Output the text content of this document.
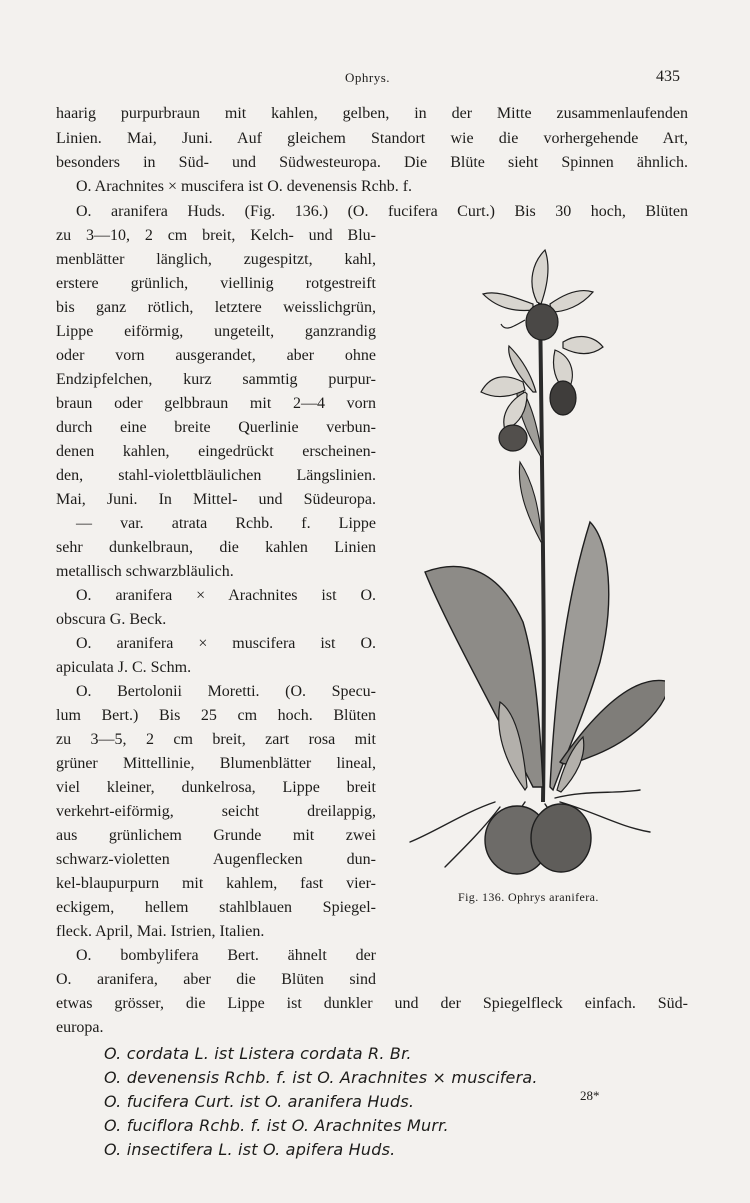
Ophrys.	435
haarig purpurbraun mit kahlen, gelben, in der Mitte zusammenlaufenden
Linien. Mai, Juni. Auf gleichem Standort wie die vorhergehende Art,
besonders in Süd- und Südwesteuropa. Die Blüte sieht Spinnen ähnlich.
O. Arachnites × muscifera ist O. devenensis Rchb. f.
O. aranifera Huds. (Fig. 136.) (O. fucifera Curt.) Bis 30 hoch, Blüten
zu 3—10, 2 cm breit, Kelch- und Blu-
menblätter länglich, zugespitzt, kahl,
erstere grünlich, viellinig rotgestreift
bis ganz rötlich, letztere weisslichgrün,
Lippe eiförmig, ungeteilt, ganzrandig
oder vorn ausgerandet, aber ohne
Endzipfelchen, kurz sammtig purpur-
braun oder gelbbraun mit 2—4 vorn
durch eine breite Querlinie verbun-
denen kahlen, eingedrückt erscheinen-
den, stahl-violettbläulichen Längslinien.
Mai, Juni. In Mittel- und Südeuropa.
— var. atrata Rchb. f. Lippe
sehr dunkelbraun, die kahlen Linien
metallisch schwarzbläulich.
O. aranifera × Arachnites ist O.
obscura G. Beck.
O. aranifera × muscifera ist O.
apiculata J. C. Schm.
O. Bertolonii Moretti. (O. Specu-
lum Bert.) Bis 25 cm hoch. Blüten
zu 3—5, 2 cm breit, zart rosa mit
grüner Mittellinie, Blumenblätter lineal,
viel kleiner, dunkelrosa, Lippe breit
verkehrt-eiförmig, seicht dreilappig,
aus grünlichem Grunde mit zwei
schwarz-violetten Augenflecken dun-
kel-blaupurpurn mit kahlem, fast vier-
eckigem, hellem stahlblauen Spiegel-
fleck. April, Mai. Istrien, Italien.
O. bombylifera Bert. ähnelt der
O. aranifera, aber die Blüten sind
etwas grösser, die Lippe ist dunkler und der Spiegelfleck einfach. Süd-
europa.
O. cordata L. ist Listera cordata R. Br.
O. devenensis Rchb. f. ist O. Arachnites × muscifera.
O. fucifera Curt. ist O. aranifera Huds.
O. fuciflora Rchb. f. ist O. Arachnites Murr.
O. insectifera L. ist O. apifera Huds.
Fig. 136. Ophrys aranifera.
28*
